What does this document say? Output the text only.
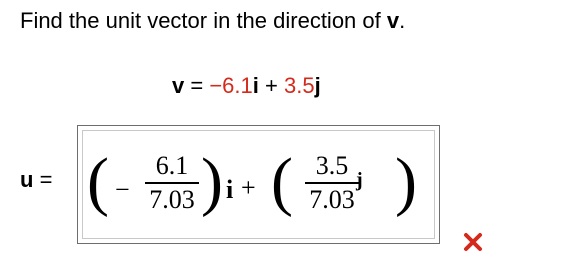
Find the unit vector in the direction of v.
v = −6.1i + 3.5j
u = ( −
6.1
7.03 ) i + ( 3.5
7.03
j )
